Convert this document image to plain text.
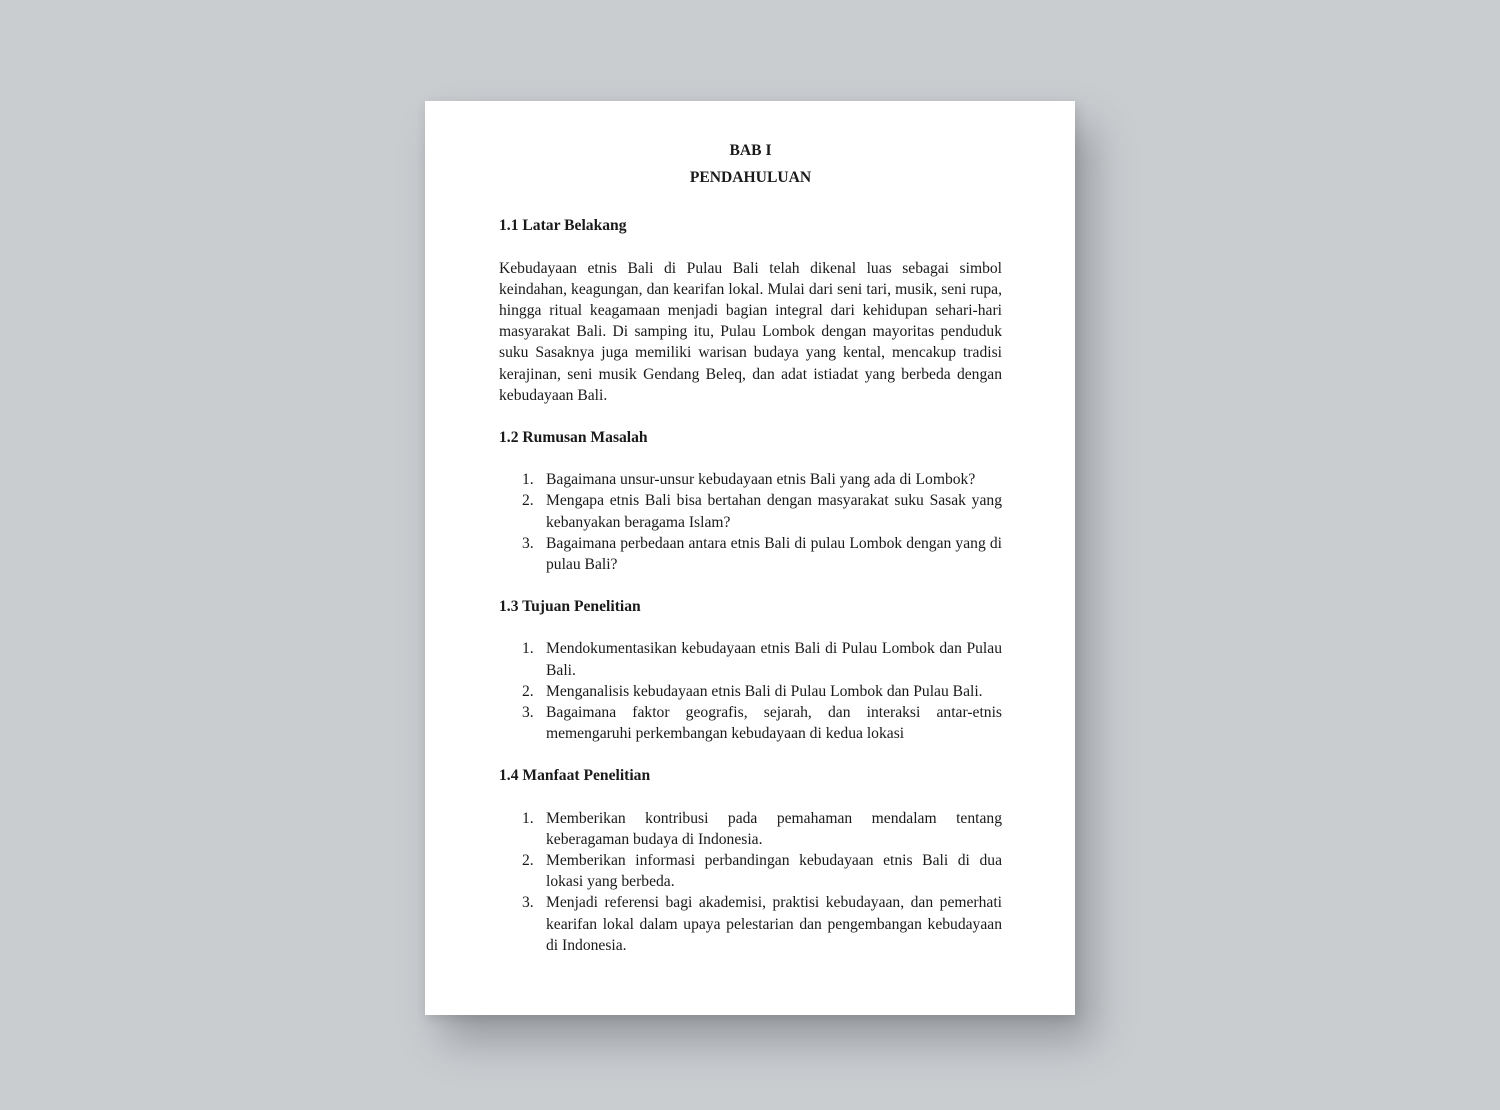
BAB I
PENDAHULUAN
1.1 Latar Belakang

Kebudayaan etnis Bali di Pulau Bali telah dikenal luas sebagai simbol keindahan, keagungan, dan kearifan lokal. Mulai dari seni tari, musik, seni rupa, hingga ritual keagamaan menjadi bagian integral dari kehidupan sehari-hari masyarakat Bali. Di samping itu, Pulau Lombok dengan mayoritas penduduk suku Sasaknya juga memiliki warisan budaya yang kental, mencakup tradisi kerajinan, seni musik Gendang Beleq, dan adat istiadat yang berbeda dengan kebudayaan Bali.

1.2 Rumusan Masalah
1. Bagaimana unsur-unsur kebudayaan etnis Bali yang ada di Lombok?
2. Mengapa etnis Bali bisa bertahan dengan masyarakat suku Sasak yang kebanyakan beragama Islam?
3. Bagaimana perbedaan antara etnis Bali di pulau Lombok dengan yang di pulau Bali?
1.3 Tujuan Penelitian
1. Mendokumentasikan kebudayaan etnis Bali di Pulau Lombok dan Pulau Bali.
2. Menganalisis kebudayaan etnis Bali di Pulau Lombok dan Pulau Bali.
3. Bagaimana faktor geografis, sejarah, dan interaksi antar-etnis memengaruhi perkembangan kebudayaan di kedua lokasi
1.4 Manfaat Penelitian
1. Memberikan kontribusi pada pemahaman mendalam tentang keberagaman budaya di Indonesia.
2. Memberikan informasi perbandingan kebudayaan etnis Bali di dua lokasi yang berbeda.
3. Menjadi referensi bagi akademisi, praktisi kebudayaan, dan pemerhati kearifan lokal dalam upaya pelestarian dan pengembangan kebudayaan di Indonesia.
